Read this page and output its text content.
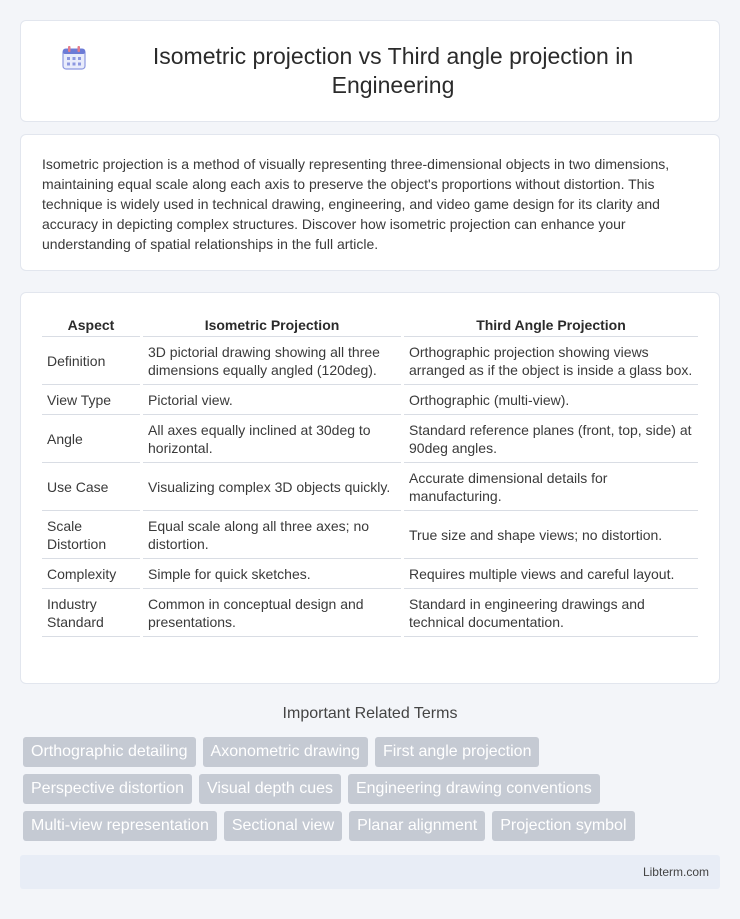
Isometric projection vs Third angle projection in Engineering

Isometric projection is a method of visually representing three-dimensional objects in two dimensions, maintaining equal scale along each axis to preserve the object's proportions without distortion. This technique is widely used in technical drawing, engineering, and video game design for its clarity and accuracy in depicting complex structures. Discover how isometric projection can enhance your understanding of spatial relationships in the full article.

Aspect	Isometric Projection	Third Angle Projection
Definition	3D pictorial drawing showing all three dimensions equally angled (120deg).	Orthographic projection showing views arranged as if the object is inside a glass box.
View Type	Pictorial view.	Orthographic (multi-view).
Angle	All axes equally inclined at 30deg to horizontal.	Standard reference planes (front, top, side) at 90deg angles.
Use Case	Visualizing complex 3D objects quickly.	Accurate dimensional details for manufacturing.
Scale Distortion	Equal scale along all three axes; no distortion.	True size and shape views; no distortion.
Complexity	Simple for quick sketches.	Requires multiple views and careful layout.
Industry Standard	Common in conceptual design and presentations.	Standard in engineering drawings and technical documentation.
Important Related Terms
Orthographic detailing	Axonometric drawing	First angle projection
Perspective distortion	Visual depth cues	Engineering drawing conventions
Multi-view representation	Sectional view	Planar alignment	Projection symbol
Libterm.com
